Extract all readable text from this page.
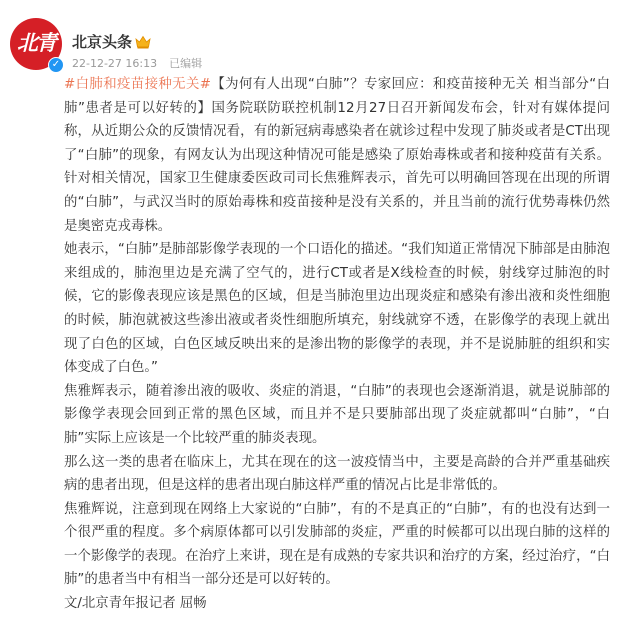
北青
✓
北京头条
22-12-27 16:13 已编辑

#白肺和疫苗接种无关#【为何有人出现“白肺”？专家回应：和疫苗接种无关 相当部分“白肺”患者是可以好转的】国务院联防联控机制12月27日召开新闻发布会，针对有媒体提问称，从近期公众的反馈情况看，有的新冠病毒感染者在就诊过程中发现了肺炎或者是CT出现了“白肺”的现象，有网友认为出现这种情况可能是感染了原始毒株或者和接种疫苗有关系。针对相关情况，国家卫生健康委医政司司长焦雅辉表示，首先可以明确回答现在出现的所谓的“白肺”，与武汉当时的原始毒株和疫苗接种是没有关系的，并且当前的流行优势毒株仍然是奥密克戎毒株。

她表示，“白肺”是肺部影像学表现的一个口语化的描述。“我们知道正常情况下肺部是由肺泡来组成的，肺泡里边是充满了空气的，进行CT或者是X线检查的时候，射线穿过肺泡的时候，它的影像表现应该是黑色的区域，但是当肺泡里边出现炎症和感染有渗出液和炎性细胞的时候，肺泡就被这些渗出液或者炎性细胞所填充，射线就穿不透，在影像学的表现上就出现了白色的区域，白色区域反映出来的是渗出物的影像学的表现，并不是说肺脏的组织和实体变成了白色。”

焦雅辉表示，随着渗出液的吸收、炎症的消退，“白肺”的表现也会逐渐消退，就是说肺部的影像学表现会回到正常的黑色区域，而且并不是只要肺部出现了炎症就都叫“白肺”，“白肺”实际上应该是一个比较严重的肺炎表现。

那么这一类的患者在临床上，尤其在现在的这一波疫情当中，主要是高龄的合并严重基础疾病的患者出现，但是这样的患者出现白肺这样严重的情况占比是非常低的。

焦雅辉说，注意到现在网络上大家说的“白肺”，有的不是真正的“白肺”，有的也没有达到一个很严重的程度。多个病原体都可以引发肺部的炎症，严重的时候都可以出现白肺的这样的一个影像学的表现。在治疗上来讲，现在是有成熟的专家共识和治疗的方案，经过治疗，“白肺”的患者当中有相当一部分还是可以好转的。

文/北京青年报记者 屈畅
